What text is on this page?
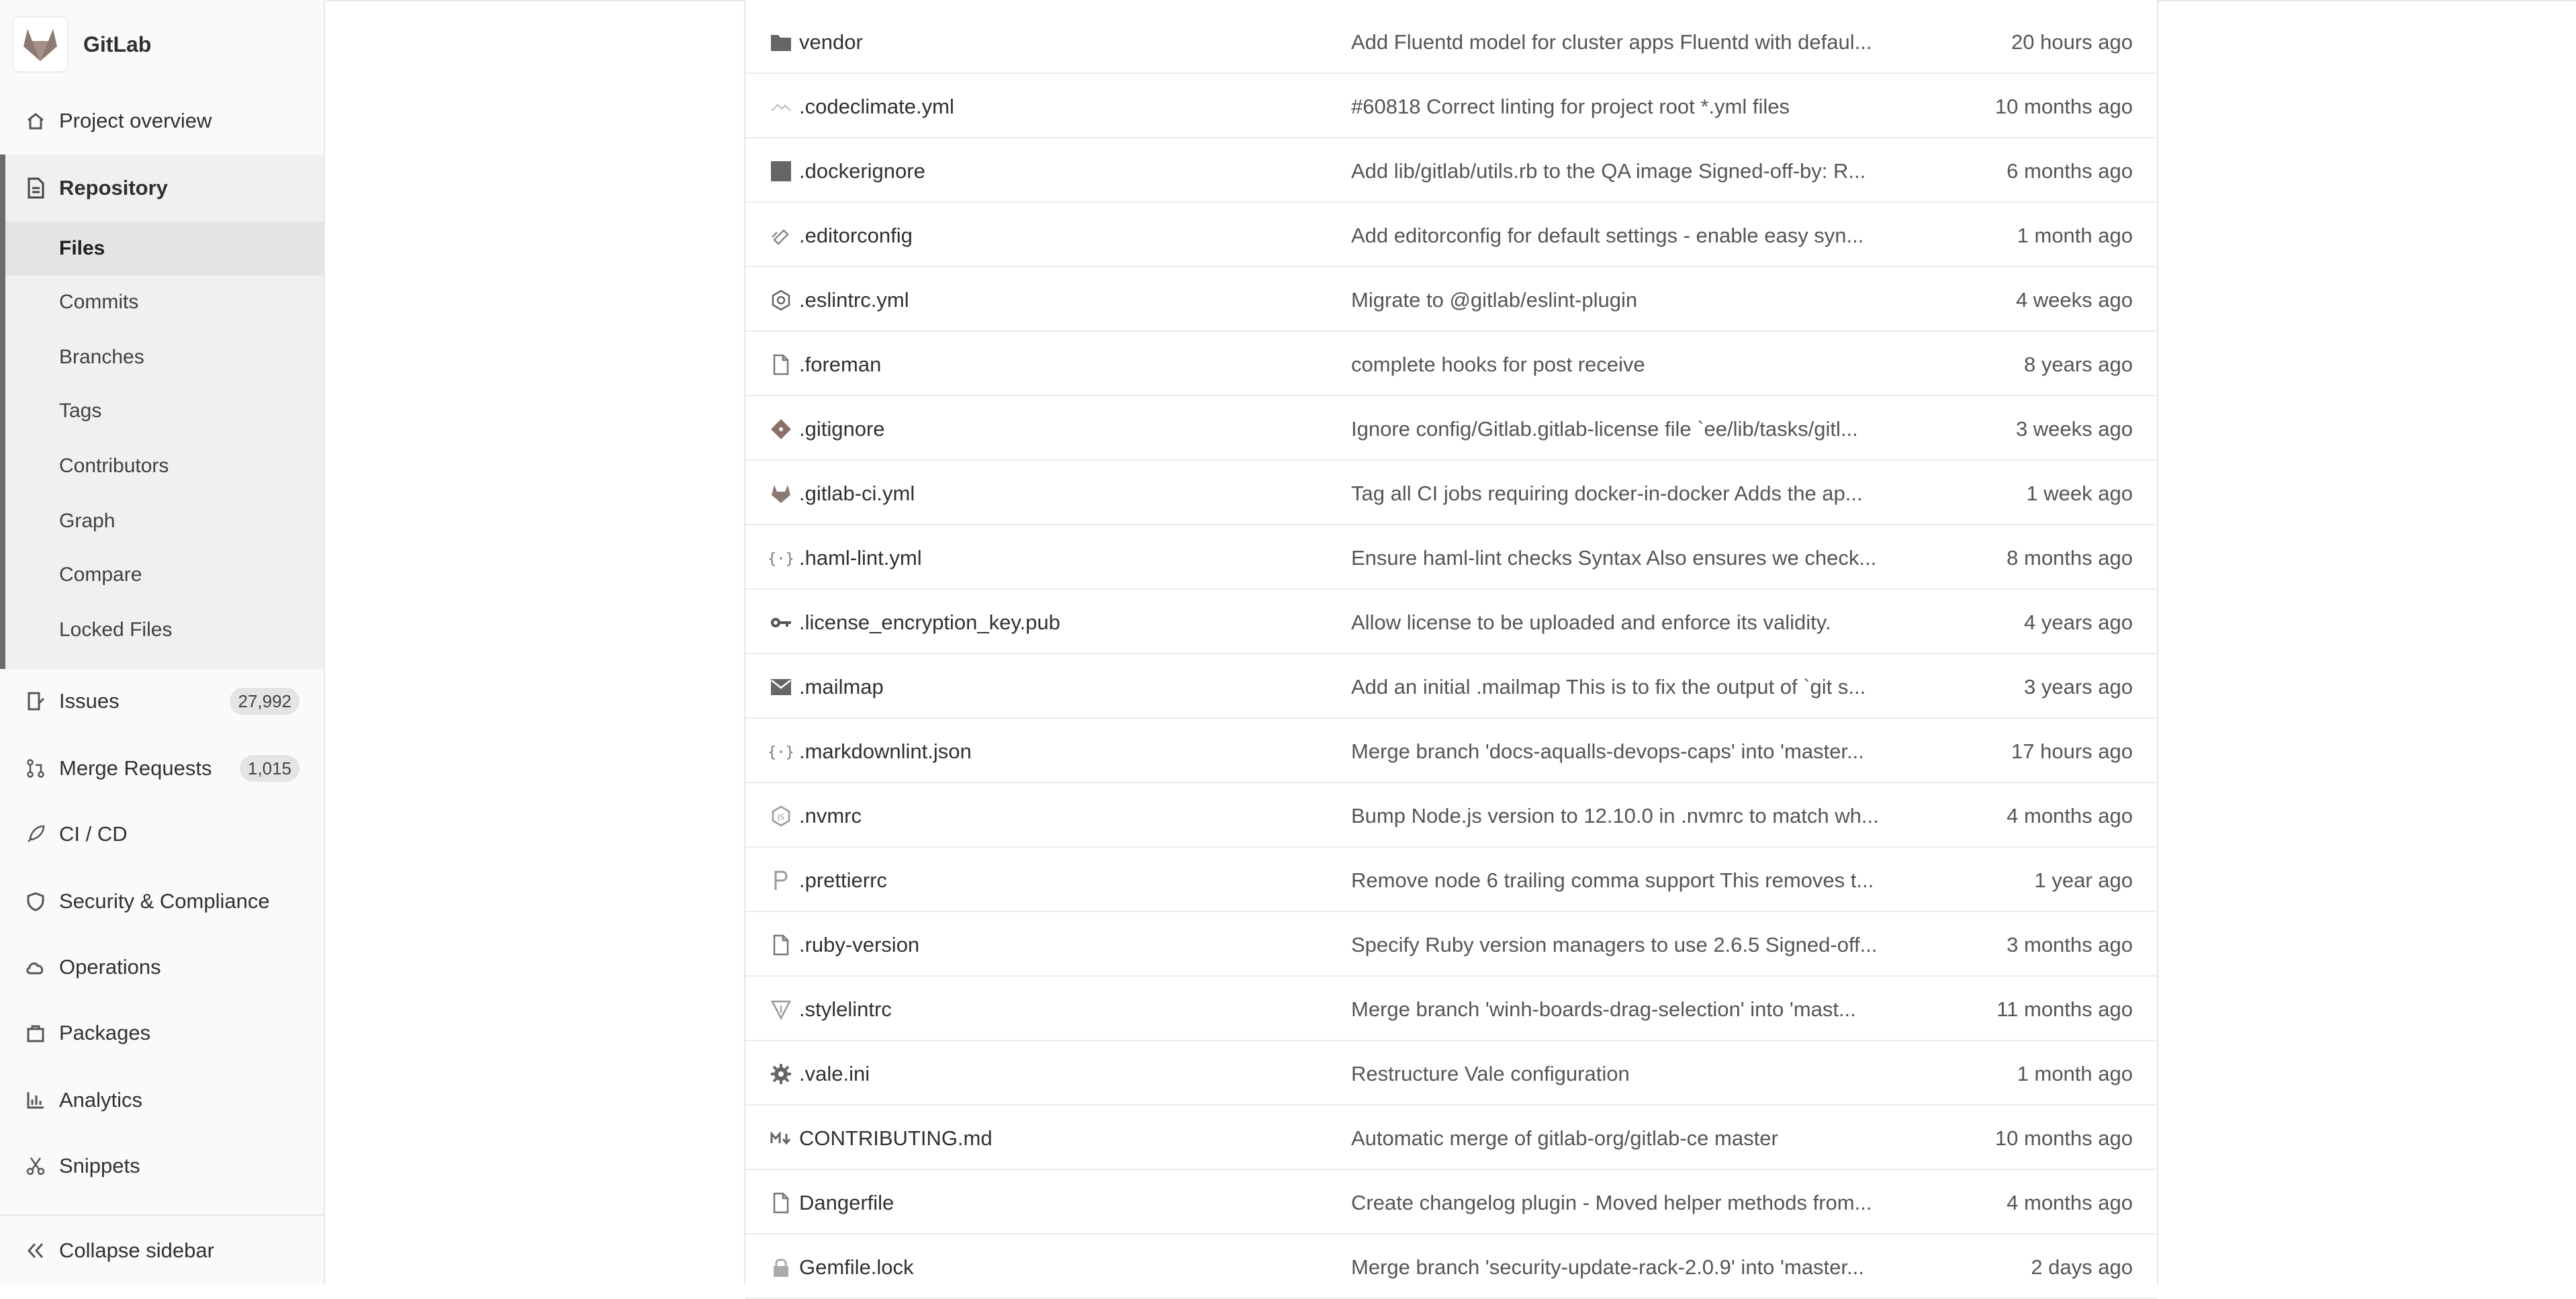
GitLab
Project overview
Repository
Files
Commits
Branches
Tags
Contributors
Graph
Compare
Locked Files
Issues	27,992
Merge Requests	1,015
CI / CD
Security & Compliance
Operations
Packages
Analytics
Snippets
Collapse sidebar
vendor	Add Fluentd model for cluster apps Fluentd with defaul...	20 hours ago
.codeclimate.yml	#60818 Correct linting for project root *.yml files	10 months ago
.dockerignore	Add lib/gitlab/utils.rb to the QA image Signed-off-by: R...	6 months ago
.editorconfig	Add editorconfig for default settings - enable easy syn...	1 month ago
.eslintrc.yml	Migrate to @gitlab/eslint-plugin	4 weeks ago
.foreman	complete hooks for post receive	8 years ago
.gitignore	Ignore config/Gitlab.gitlab-license file `ee/lib/tasks/gitl...	3 weeks ago
.gitlab-ci.yml	Tag all CI jobs requiring docker-in-docker Adds the ap...	1 week ago
{·} .haml-lint.yml	Ensure haml-lint checks Syntax Also ensures we check...	8 months ago
.license_encryption_key.pub	Allow license to be uploaded and enforce its validity.	4 years ago
.mailmap	Add an initial .mailmap This is to fix the output of `git s...	3 years ago
{·} .markdownlint.json	Merge branch 'docs-aqualls-devops-caps' into 'master...	17 hours ago
JS .nvmrc	Bump Node.js version to 12.10.0 in .nvmrc to match wh...	4 months ago
.prettierrc	Remove node 6 trailing comma support This removes t...	1 year ago
.ruby-version	Specify Ruby version managers to use 2.6.5 Signed-off...	3 months ago
.stylelintrc	Merge branch 'winh-boards-drag-selection' into 'mast...	11 months ago
.vale.ini	Restructure Vale configuration	1 month ago
CONTRIBUTING.md	Automatic merge of gitlab-org/gitlab-ce master	10 months ago
Dangerfile	Create changelog plugin - Moved helper methods from...	4 months ago
Gemfile.lock	Merge branch 'security-update-rack-2.0.9' into 'master...	2 days ago
